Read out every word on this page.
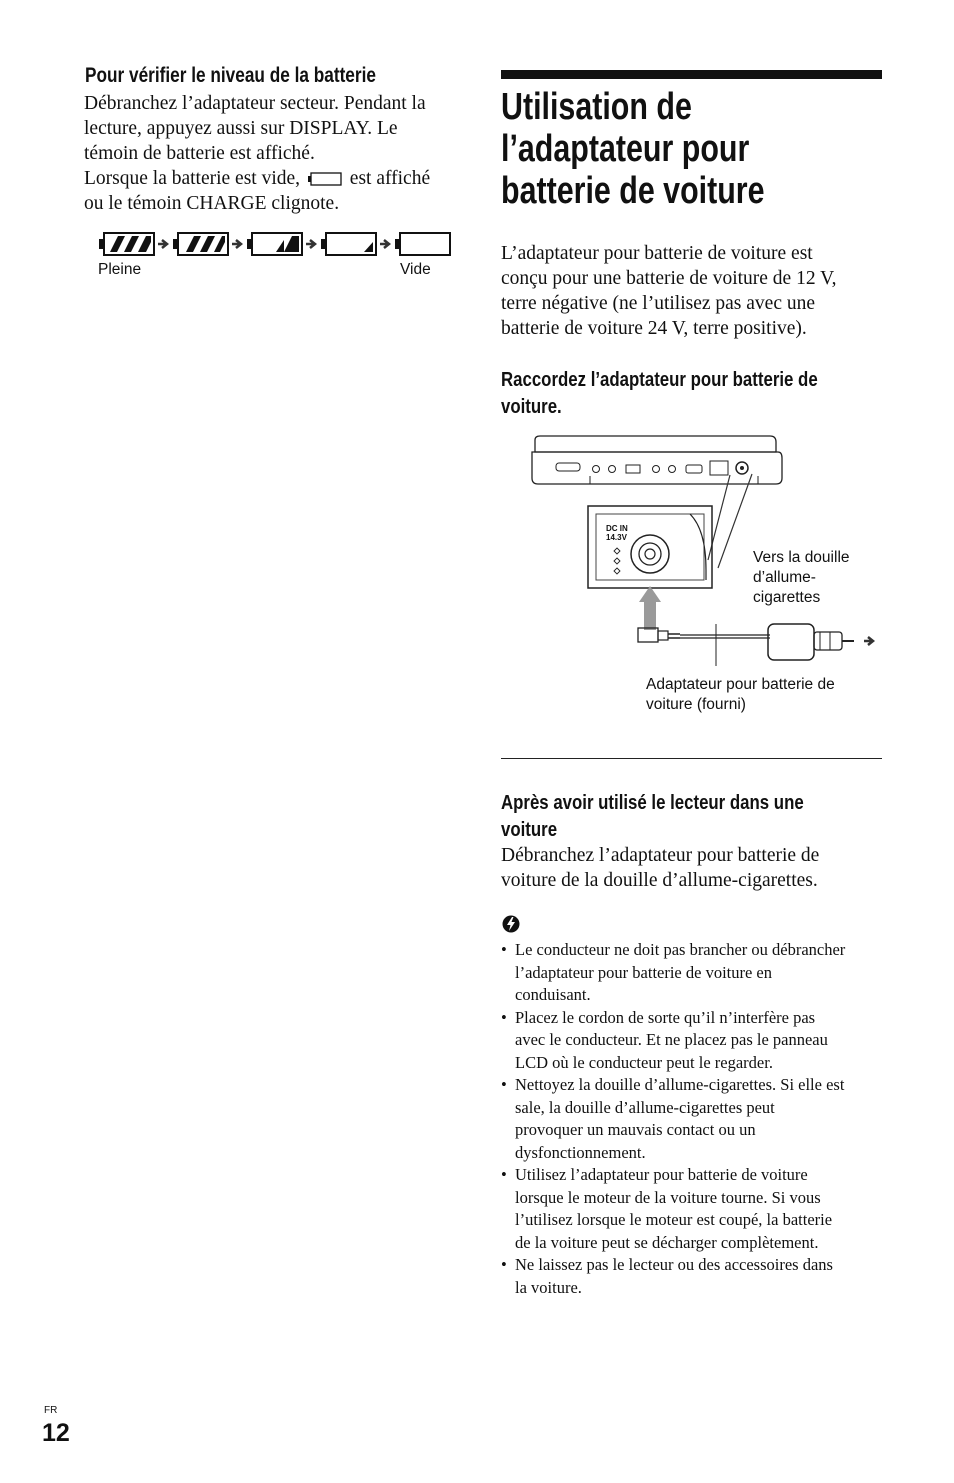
Pour vérifier le niveau de la batterie
Débranchez l’adaptateur secteur. Pendant la
lecture, appuyez aussi sur DISPLAY. Le
témoin de batterie est affiché.
Lorsque la batterie est vide,	est affiché
ou le témoin CHARGE clignote.
Pleine	Vide
Utilisation de
l’adaptateur pour
batterie de voiture
L’adaptateur pour batterie de voiture est
conçu pour une batterie de voiture de 12 V,
terre négative (ne l’utilisez pas avec une
batterie de voiture 24 V, terre positive).
Raccordez l’adaptateur pour batterie de
voiture.
DC IN
14.3V
Vers la douille
d’allume-
cigarettes
Adaptateur pour batterie de
voiture (fourni)
Après avoir utilisé le lecteur dans une
voiture
Débranchez l’adaptateur pour batterie de
voiture de la douille d’allume-cigarettes.
• Le conducteur ne doit pas brancher ou débrancher
l’adaptateur pour batterie de voiture en
conduisant.
• Placez le cordon de sorte qu’il n’interfère pas
avec le conducteur. Et ne placez pas le panneau
LCD où le conducteur peut le regarder.
• Nettoyez la douille d’allume-cigarettes. Si elle est
sale, la douille d’allume-cigarettes peut
provoquer un mauvais contact ou un
dysfonctionnement.
• Utilisez l’adaptateur pour batterie de voiture
lorsque le moteur de la voiture tourne. Si vous
l’utilisez lorsque le moteur est coupé, la batterie
de la voiture peut se décharger complètement.
• Ne laissez pas le lecteur ou des accessoires dans
la voiture.
FR
12
